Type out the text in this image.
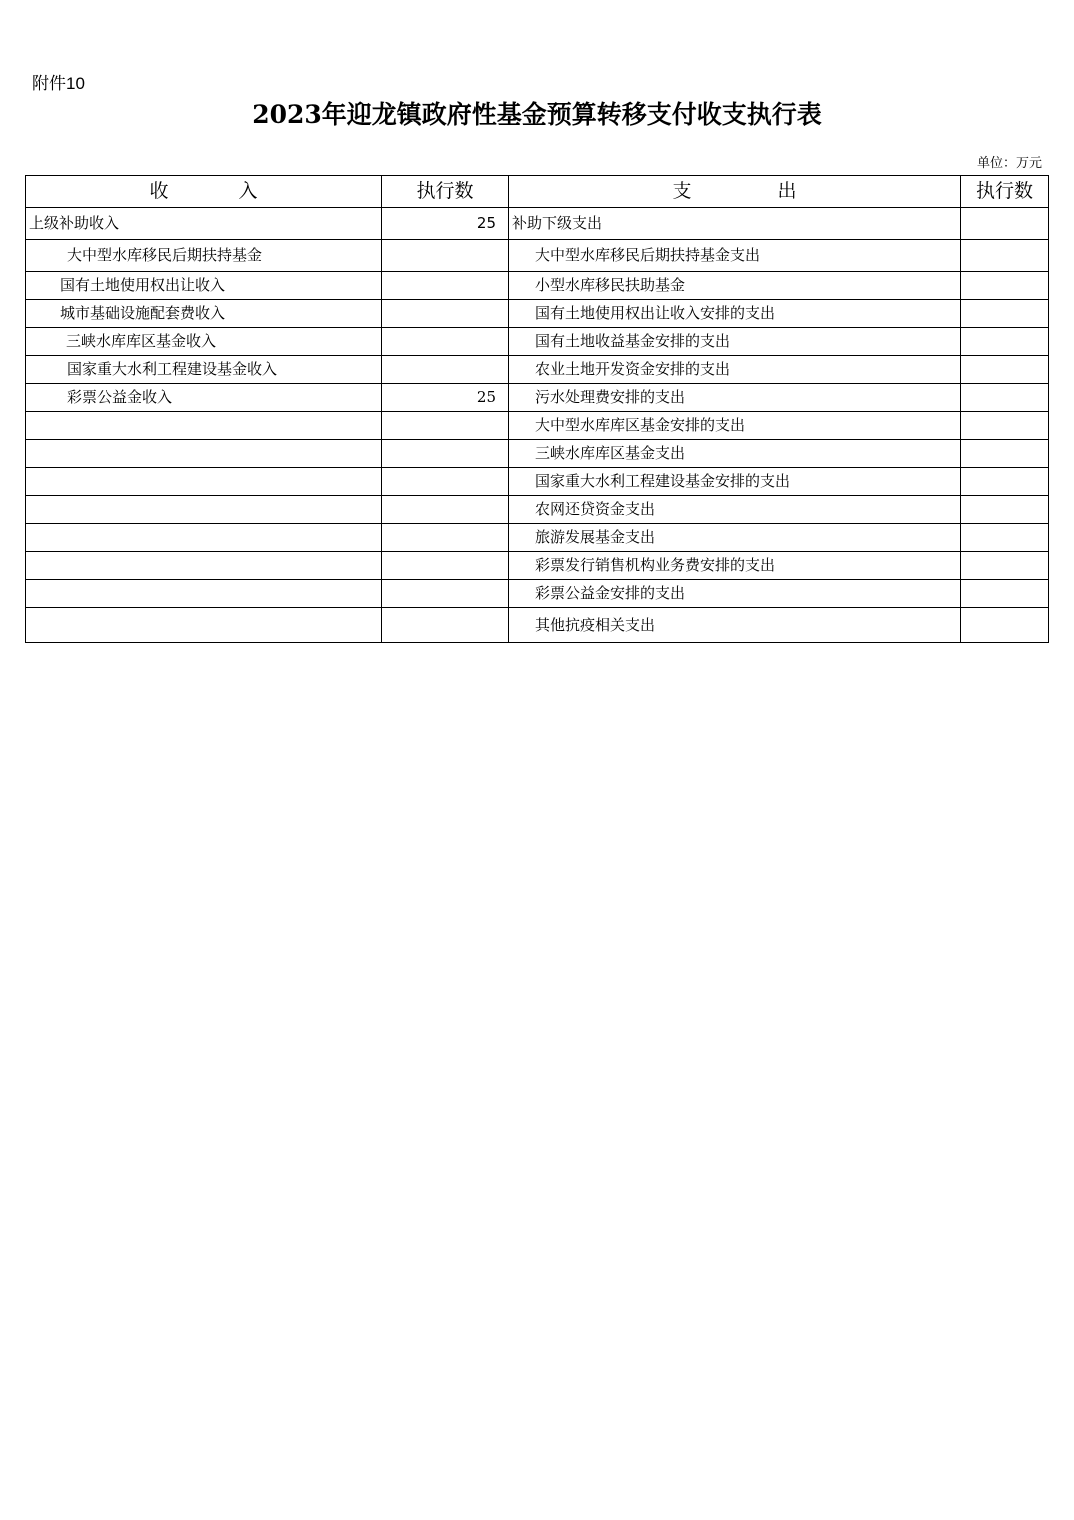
附件10
2023年迎龙镇政府性基金预算转移支付收支执行表
单位：万元
收 入	执行数	支 出	执行数
上级补助收入	25	补助下级支出	
大中型水库移民后期扶持基金		大中型水库移民后期扶持基金支出	
国有土地使用权出让收入		小型水库移民扶助基金	
城市基础设施配套费收入		国有土地使用权出让收入安排的支出	
三峡水库库区基金收入		国有土地收益基金安排的支出	
国家重大水利工程建设基金收入		农业土地开发资金安排的支出	
彩票公益金收入	25	污水处理费安排的支出	
		大中型水库库区基金安排的支出	
		三峡水库库区基金支出	
		国家重大水利工程建设基金安排的支出	
		农网还贷资金支出	
		旅游发展基金支出	
		彩票发行销售机构业务费安排的支出	
		彩票公益金安排的支出	
		其他抗疫相关支出	
